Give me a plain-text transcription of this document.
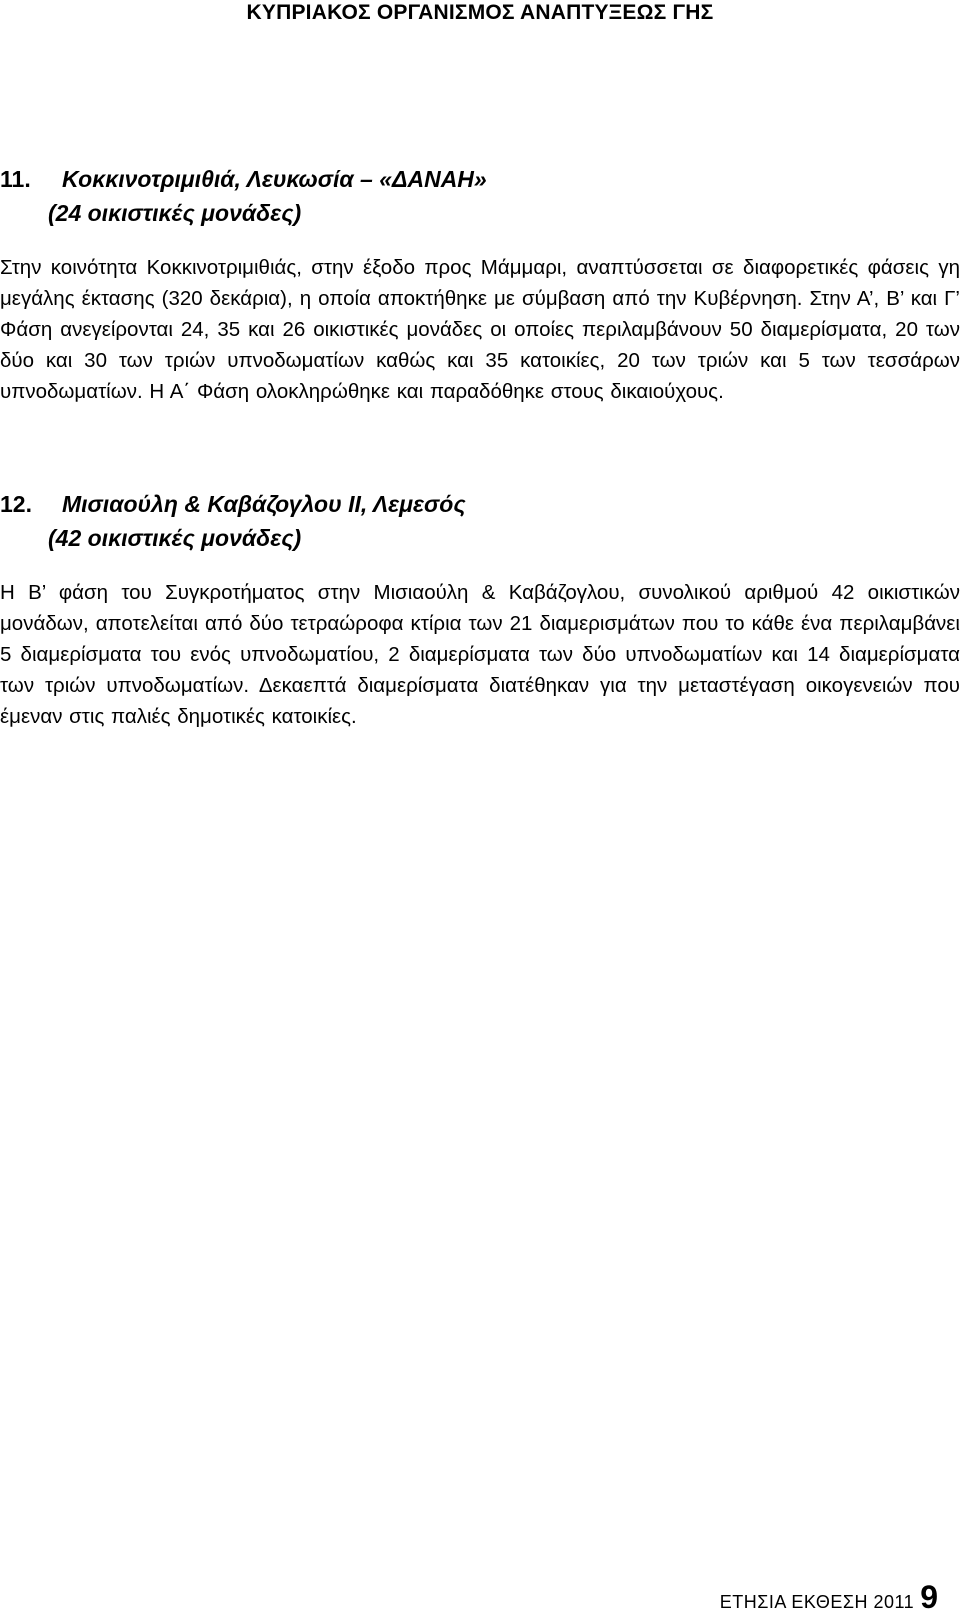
ΚΥΠΡΙΑΚΟΣ ΟΡΓΑΝΙΣΜΟΣ ΑΝΑΠΤΥΞΕΩΣ ΓΗΣ
11.	Κοκκινοτριμιθιά, Λευκωσία – «ΔΑΝΑΗ»
(24 οικιστικές μονάδες)

Στην κοινότητα Κοκκινοτριμιθιάς, στην έξοδο προς Μάμμαρι, αναπτύσσεται σε διαφορετικές φάσεις γη μεγάλης έκτασης (320 δεκάρια), η οποία αποκτήθηκε με σύμβαση από την Κυβέρνηση. Στην Α’, Β’ και Γ’ Φάση ανεγείρονται 24, 35 και 26 οικιστικές μονάδες οι οποίες περιλαμβάνουν 50 διαμερίσματα, 20 των δύο και 30 των τριών υπνοδωματίων καθώς και 35 κατοικίες, 20 των τριών και 5 των τεσσάρων υπνοδωματίων. Η Α΄ Φάση ολοκληρώθηκε και παραδόθηκε στους δικαιούχους.

12.	Μισιαούλη & Καβάζογλου ΙΙ, Λεμεσός
(42 οικιστικές μονάδες)

Η Β’ φάση του Συγκροτήματος στην Μισιαούλη & Καβάζογλου, συνολικού αριθμού 42 οικιστικών μονάδων, αποτελείται από δύο τετραώροφα κτίρια των 21 διαμερισμάτων που το κάθε ένα περιλαμβάνει 5 διαμερίσματα του ενός υπνοδωματίου, 2 διαμερίσματα των δύο υπνοδωματίων και 14 διαμερίσματα των τριών υπνοδωματίων. Δεκαεπτά διαμερίσματα διατέθηκαν για την μεταστέγαση οικογενειών που έμεναν στις παλιές δημοτικές κατοικίες.

ΕΤΗΣΙΑ ΕΚΘΕΣΗ 2011 9
